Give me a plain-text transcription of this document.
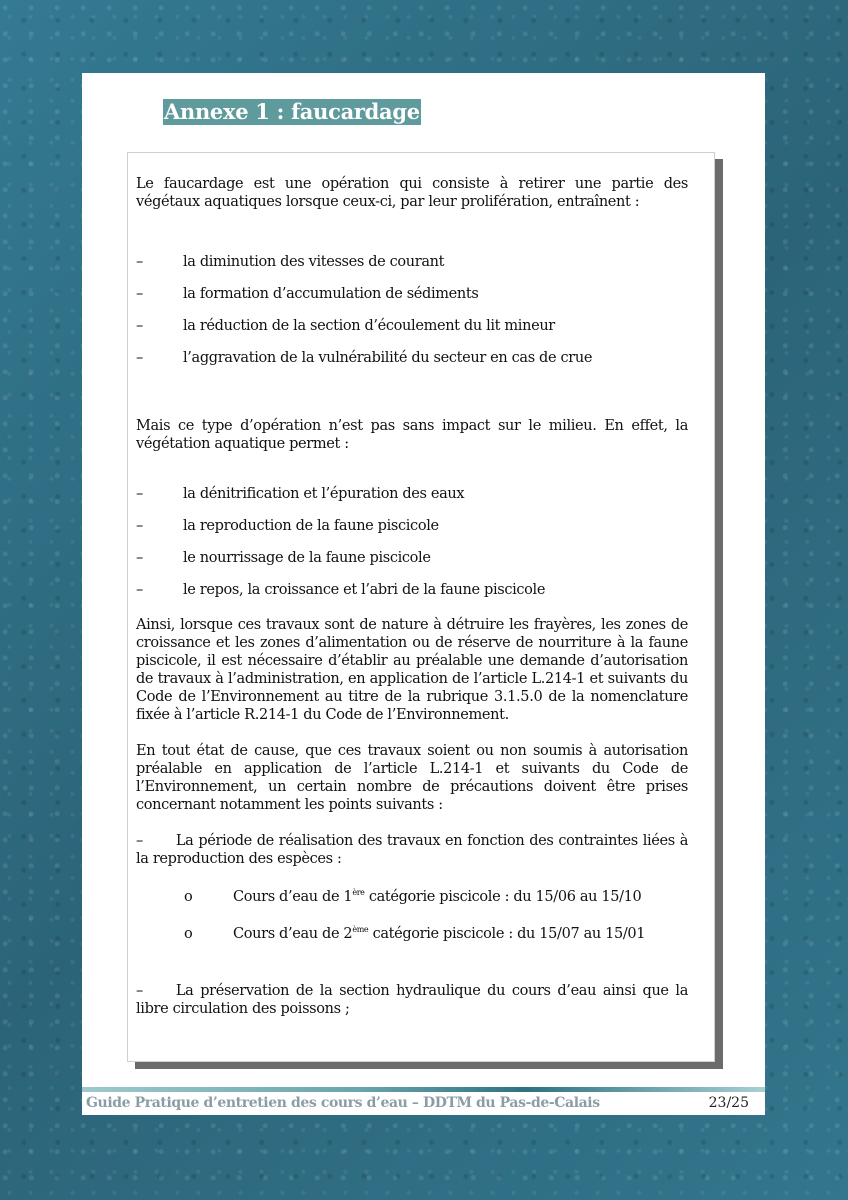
Annexe 1 : faucardage

Le faucardage est une opération qui consiste à retirer une partie des végétaux aquatiques lorsque ceux-ci, par leur prolifération, entraînent :

–	la diminution des vitesses de courant
–	la formation d’accumulation de sédiments
–	la réduction de la section d’écoulement du lit mineur
–	l’aggravation de la vulnérabilité du secteur en cas de crue

Mais ce type d’opération n’est pas sans impact sur le milieu. En effet, la végétation aquatique permet :

–	la dénitrification et l’épuration des eaux
–	la reproduction de la faune piscicole
–	le nourrissage de la faune piscicole
–	le repos, la croissance et l’abri de la faune piscicole

Ainsi, lorsque ces travaux sont de nature à détruire les frayères, les zones de croissance et les zones d’alimentation ou de réserve de nourriture à la faune piscicole, il est nécessaire d’établir au préalable une demande d’autorisation de travaux à l’administration, en application de l’article L.214-1 et suivants du Code de l’Environnement au titre de la rubrique 3.1.5.0 de la nomenclature fixée à l’article R.214-1 du Code de l’Environnement.

En tout état de cause, que ces travaux soient ou non soumis à autorisation préalable en application de l’article L.214-1 et suivants du Code de l’Environnement, un certain nombre de précautions doivent être prises concernant notamment les points suivants :

– La période de réalisation des travaux en fonction des contraintes liées à la reproduction des espèces :

o	Cours d’eau de 1ère catégorie piscicole : du 15/06 au 15/10
o	Cours d’eau de 2ème catégorie piscicole : du 15/07 au 15/01

– La préservation de la section hydraulique du cours d’eau ainsi que la libre circulation des poissons ;

Guide Pratique d’entretien des cours d’eau – DDTM du Pas-de-Calais	23/25
